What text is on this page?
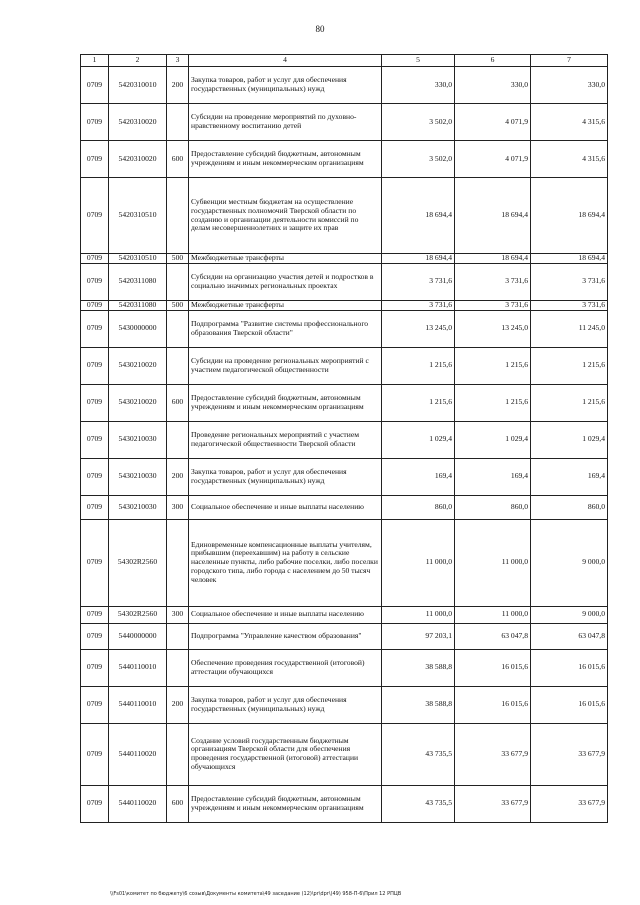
80
1	2	3	4	5	6	7
0709	5420310010	200	Закупка товаров, работ и услуг для обеспечения государственных (муниципальных) нужд	330,0	330,0	330,0
0709	5420310020		Субсидии на проведение мероприятий по духовно-нравственному воспитанию детей	3 502,0	4 071,9	4 315,6
0709	5420310020	600	Предоставление субсидий бюджетным, автономным учреждениям и иным некоммерческим организациям	3 502,0	4 071,9	4 315,6
0709	5420310510		Субвенции местным бюджетам на осуществление государственных полномочий Тверской области по созданию и организации деятельности комиссий по делам несовершеннолетних и защите их прав	18 694,4	18 694,4	18 694,4
0709	5420310510	500	Межбюджетные трансферты	18 694,4	18 694,4	18 694,4
0709	5420311080		Субсидии на организацию участия детей и подростков в социально значимых региональных проектах	3 731,6	3 731,6	3 731,6
0709	5420311080	500	Межбюджетные трансферты	3 731,6	3 731,6	3 731,6
0709	5430000000		Подпрограмма "Развитие системы профессионального образования Тверской области"	13 245,0	13 245,0	11 245,0
0709	5430210020		Субсидии на проведение региональных мероприятий с участием педагогической общественности	1 215,6	1 215,6	1 215,6
0709	5430210020	600	Предоставление субсидий бюджетным, автономным учреждениям и иным некоммерческим организациям	1 215,6	1 215,6	1 215,6
0709	5430210030		Проведение региональных мероприятий с участием педагогической общественности Тверской области	1 029,4	1 029,4	1 029,4
0709	5430210030	200	Закупка товаров, работ и услуг для обеспечения государственных (муниципальных) нужд	169,4	169,4	169,4
0709	5430210030	300	Социальное обеспечение и иные выплаты населению	860,0	860,0	860,0
0709	54302R2560		Единовременные компенсационные выплаты учителям, прибывшим (переехавшим) на работу в сельские населенные пункты, либо рабочие поселки, либо поселки городского типа, либо города с населением до 50 тысяч человек	11 000,0	11 000,0	9 000,0
0709	54302R2560	300	Социальное обеспечение и иные выплаты населению	11 000,0	11 000,0	9 000,0
0709	5440000000		Подпрограмма "Управление качеством образования"	97 203,1	63 047,8	63 047,8
0709	5440110010		Обеспечение проведения государственной (итоговой) аттестации обучающихся	38 588,8	16 015,6	16 015,6
0709	5440110010	200	Закупка товаров, работ и услуг для обеспечения государственных (муниципальных) нужд	38 588,8	16 015,6	16 015,6
0709	5440110020		Создание условий государственным бюджетным организациям Тверской области для обеспечения проведения государственной (итоговой) аттестации обучающихся	43 735,5	33 677,9	33 677,9
0709	5440110020	600	Предоставление субсидий бюджетным, автономным учреждениям и иным некоммерческим организациям	43 735,5	33 677,9	33 677,9
\\Fs01\комитет по бюджету\6 созыв\Документы комитета\49 заседание (12)\pr\dpr\(49) 958-П-6\Прил 12 РПЦВ
